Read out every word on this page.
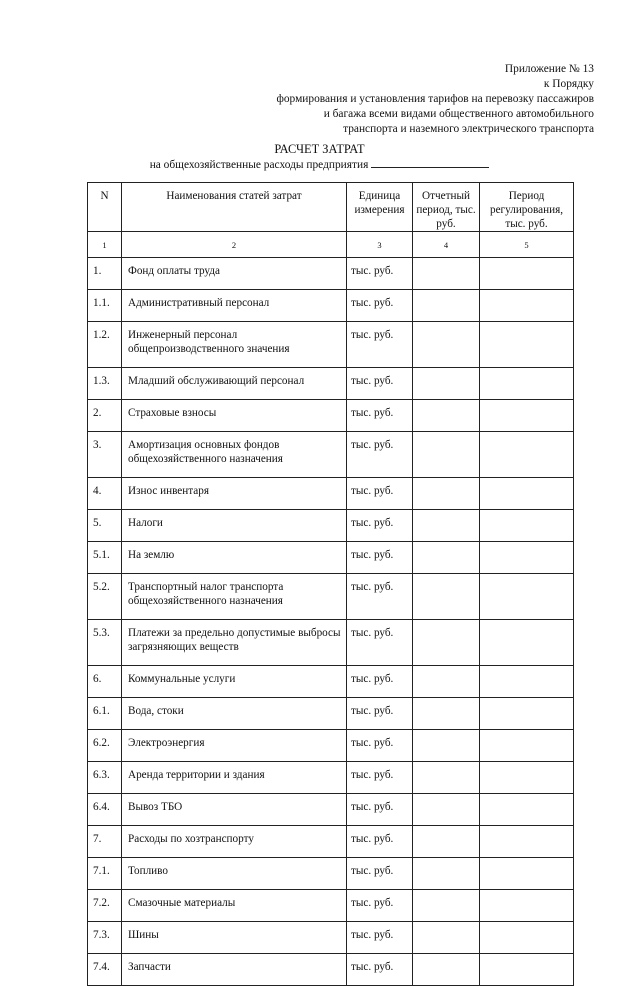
Приложение № 13
к Порядку
формирования и установления тарифов на перевозку пассажиров
и багажа всеми видами общественного автомобильного
транспорта и наземного электрического транспорта
РАСЧЕТ ЗАТРАТ
на общехозяйственные расходы предприятия
N	Наименования статей затрат	Единица измерения	Отчетный период, тыс. руб.	Период регулирования, тыс. руб.
1	2	3	4	5
1.	Фонд оплаты труда	тыс. руб.		
1.1.	Административный персонал	тыс. руб.		
1.2.	Инженерный персонал общепроизводственного значения	тыс. руб.		
1.3.	Младший обслуживающий персонал	тыс. руб.		
2.	Страховые взносы	тыс. руб.		
3.	Амортизация основных фондов общехозяйственного назначения	тыс. руб.		
4.	Износ инвентаря	тыс. руб.		
5.	Налоги	тыс. руб.		
5.1.	На землю	тыс. руб.		
5.2.	Транспортный налог транспорта общехозяйственного назначения	тыс. руб.		
5.3.	Платежи за предельно допустимые выбросы загрязняющих веществ	тыс. руб.		
6.	Коммунальные услуги	тыс. руб.		
6.1.	Вода, стоки	тыс. руб.		
6.2.	Электроэнергия	тыс. руб.		
6.3.	Аренда территории и здания	тыс. руб.		
6.4.	Вывоз ТБО	тыс. руб.		
7.	Расходы по хозтранспорту	тыс. руб.		
7.1.	Топливо	тыс. руб.		
7.2.	Смазочные материалы	тыс. руб.		
7.3.	Шины	тыс. руб.		
7.4.	Запчасти	тыс. руб.		
